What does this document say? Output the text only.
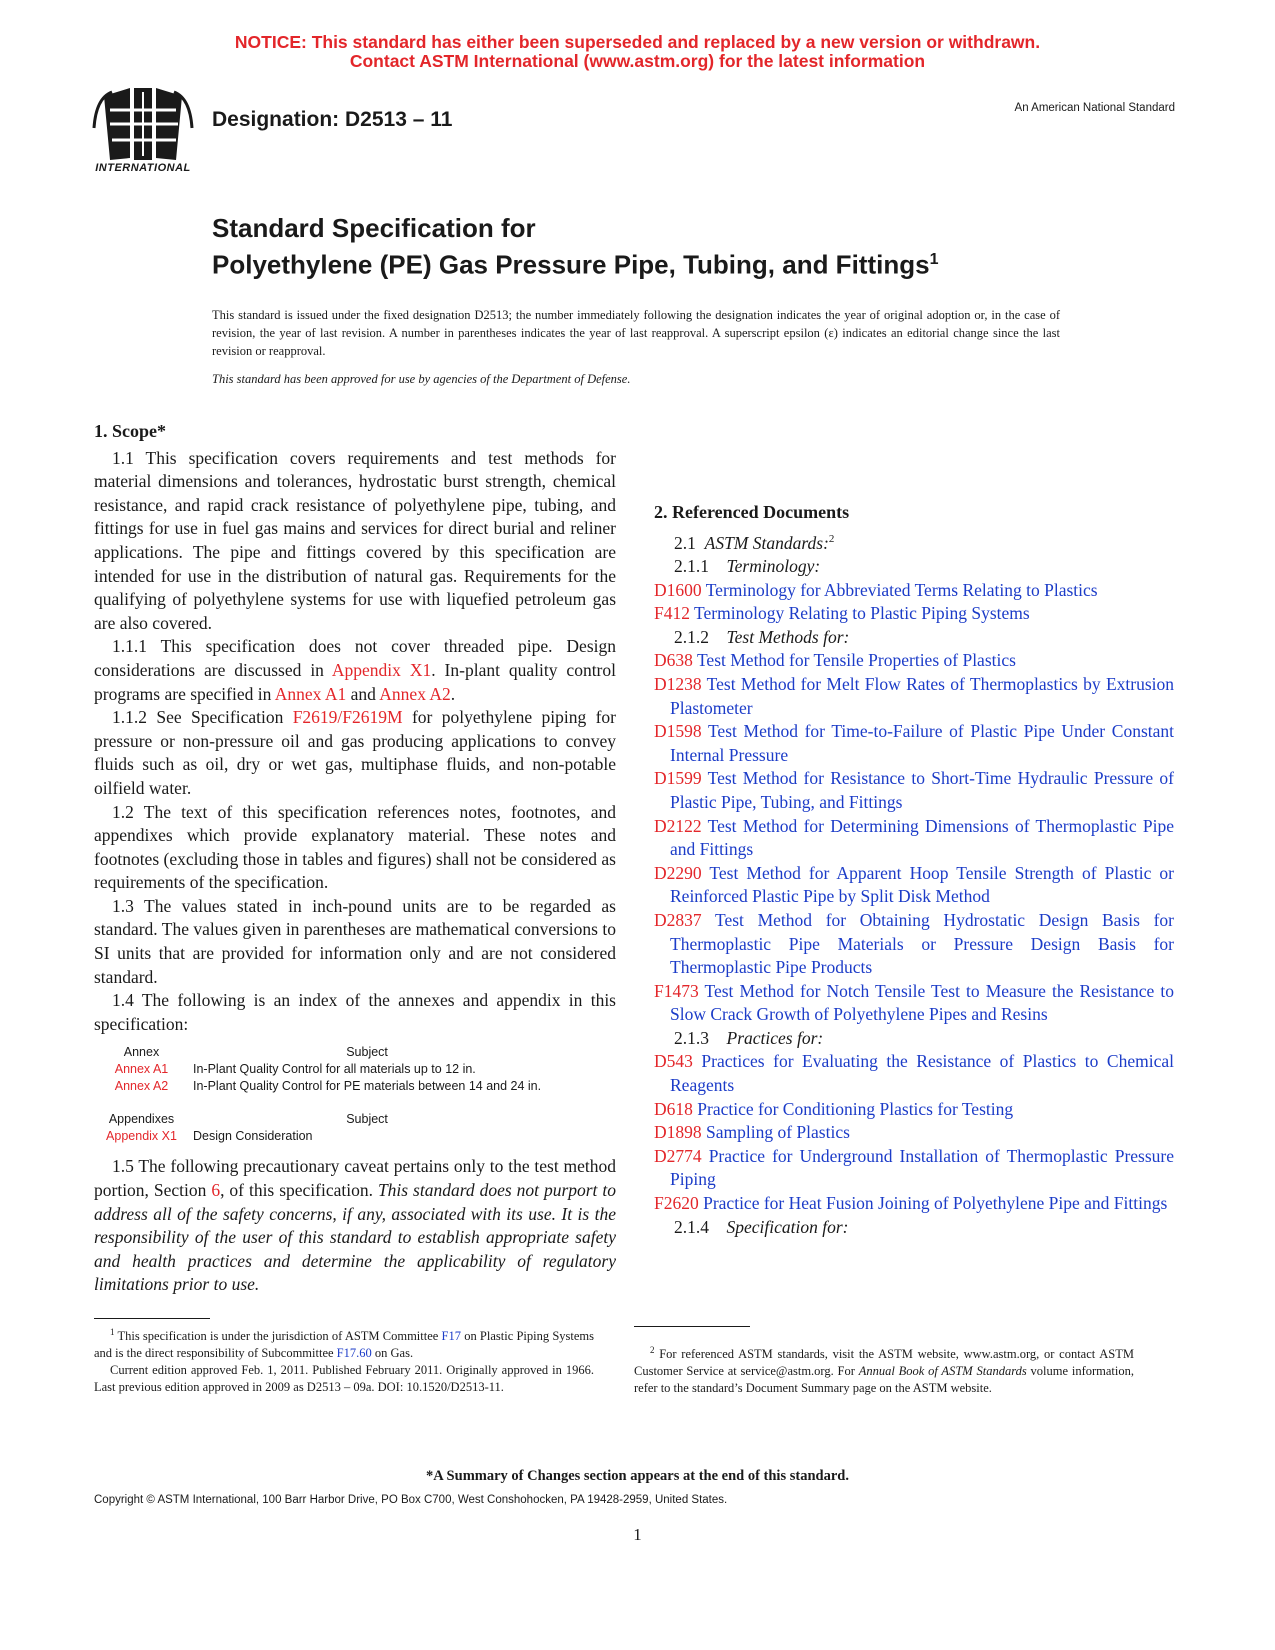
NOTICE: This standard has either been superseded and replaced by a new version or withdrawn.
Contact ASTM International (www.astm.org) for the latest information
INTERNATIONAL
Designation: D2513 – 11	An American National Standard
Standard Specification for
Polyethylene (PE) Gas Pressure Pipe, Tubing, and Fittings$^1$
This standard is issued under the fixed designation D2513; the number immediately following the designation indicates the year of original adoption or, in the case of revision, the year of last revision. A number in parentheses indicates the year of last reapproval. A superscript epsilon (ε) indicates an editorial change since the last revision or reapproval.
This standard has been approved for use by agencies of the Department of Defense.
1. Scope*

1.1 This specification covers requirements and test methods for material dimensions and tolerances, hydrostatic burst strength, chemical resistance, and rapid crack resistance of polyethylene pipe, tubing, and fittings for use in fuel gas mains and services for direct burial and reliner applications. The pipe and fittings covered by this specification are intended for use in the distribution of natural gas. Requirements for the qualifying of polyethylene systems for use with liquefied petroleum gas are also covered.

1.1.1 This specification does not cover threaded pipe. Design considerations are discussed in Appendix X1. In-plant quality control programs are specified in Annex A1 and Annex A2.

1.1.2 See Specification F2619/F2619M for polyethylene piping for pressure or non-pressure oil and gas producing applications to convey fluids such as oil, dry or wet gas, multiphase fluids, and non-potable oilfield water.

1.2 The text of this specification references notes, footnotes, and appendixes which provide explanatory material. These notes and footnotes (excluding those in tables and figures) shall not be considered as requirements of the specification.

1.3 The values stated in inch-pound units are to be regarded as standard. The values given in parentheses are mathematical conversions to SI units that are provided for information only and are not considered standard.

1.4 The following is an index of the annexes and appendix in this specification:

Annex	Subject
Annex A1	In-Plant Quality Control for all materials up to 12 in.
Annex A2	In-Plant Quality Control for PE materials between 14 and 24 in.

Appendixes	Subject
Appendix X1	Design Consideration

1.5 The following precautionary caveat pertains only to the test method portion, Section 6, of this specification. This standard does not purport to address all of the safety concerns, if any, associated with its use. It is the responsibility of the user of this standard to establish appropriate safety and health practices and determine the applicability of regulatory limitations prior to use.

2. Referenced Documents

2.1 ASTM Standards:$^2$

2.1.1 Terminology:

D1600 Terminology for Abbreviated Terms Relating to Plastics

F412 Terminology Relating to Plastic Piping Systems

2.1.2 Test Methods for:

D638 Test Method for Tensile Properties of Plastics

D1238 Test Method for Melt Flow Rates of Thermoplastics by Extrusion Plastometer

D1598 Test Method for Time-to-Failure of Plastic Pipe Under Constant Internal Pressure

D1599 Test Method for Resistance to Short-Time Hydraulic Pressure of Plastic Pipe, Tubing, and Fittings

D2122 Test Method for Determining Dimensions of Thermoplastic Pipe and Fittings

D2290 Test Method for Apparent Hoop Tensile Strength of Plastic or Reinforced Plastic Pipe by Split Disk Method

D2837 Test Method for Obtaining Hydrostatic Design Basis for Thermoplastic Pipe Materials or Pressure Design Basis for Thermoplastic Pipe Products

F1473 Test Method for Notch Tensile Test to Measure the Resistance to Slow Crack Growth of Polyethylene Pipes and Resins

2.1.3 Practices for:

D543 Practices for Evaluating the Resistance of Plastics to Chemical Reagents

D618 Practice for Conditioning Plastics for Testing

D1898 Sampling of Plastics

D2774 Practice for Underground Installation of Thermoplastic Pressure Piping

F2620 Practice for Heat Fusion Joining of Polyethylene Pipe and Fittings

2.1.4 Specification for:

$^1$ This specification is under the jurisdiction of ASTM Committee F17 on Plastic Piping Systems and is the direct responsibility of Subcommittee F17.60 on Gas.

Current edition approved Feb. 1, 2011. Published February 2011. Originally approved in 1966. Last previous edition approved in 2009 as D2513 – 09a. DOI: 10.1520/D2513-11.

$^2$ For referenced ASTM standards, visit the ASTM website, www.astm.org, or contact ASTM Customer Service at service@astm.org. For Annual Book of ASTM Standards volume information, refer to the standard’s Document Summary page on the ASTM website.

*A Summary of Changes section appears at the end of this standard.
Copyright © ASTM International, 100 Barr Harbor Drive, PO Box C700, West Conshohocken, PA 19428-2959, United States.
1
